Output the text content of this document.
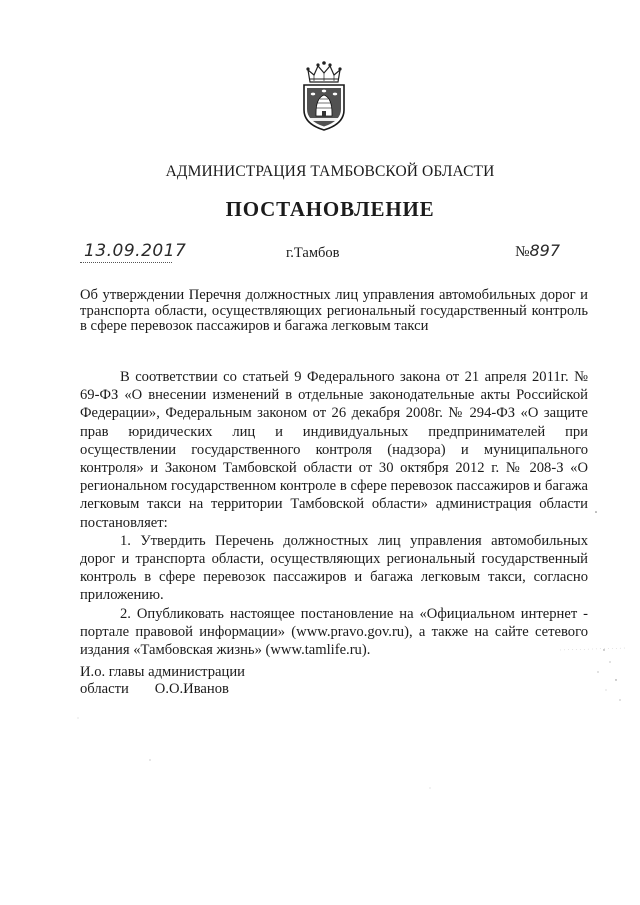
АДМИНИСТРАЦИЯ ТАМБОВСКОЙ ОБЛАСТИ
ПОСТАНОВЛЕНИЕ
13.09.2017	г.Тамбов	№897
Об утверждении Перечня должностных лиц управления автомобильных дорог и транспорта области, осуществляющих региональный государственный контроль в сфере перевозок пассажиров и багажа легковым такси

В соответствии со статьей 9 Федерального закона от 21 апреля 2011г. № 69-ФЗ «О внесении изменений в отдельные законодательные акты Российской Федерации», Федеральным законом от 26 декабря 2008г. № 294-ФЗ «О защите прав юридических лиц и индивидуальных предпринимателей при осуществлении государственного контроля (надзора) и муниципального контроля» и Законом Тамбовской области от 30 октября 2012 г. № 208-З «О региональном государственном контроле в сфере перевозок пассажиров и багажа легковым такси на территории Тамбовской области» администрация области постановляет:

1. Утвердить Перечень должностных лиц управления автомобильных дорог и транспорта области, осуществляющих региональный государственный контроль в сфере перевозок пассажиров и багажа легковым такси, согласно приложению.

2. Опубликовать настоящее постановление на «Официальном интернет - портале правовой информации» (www.pravo.gov.ru), а также на сайте сетевого издания «Тамбовская жизнь» (www.tamlife.ru).

И.о. главы администрации
области О.О.Иванов
